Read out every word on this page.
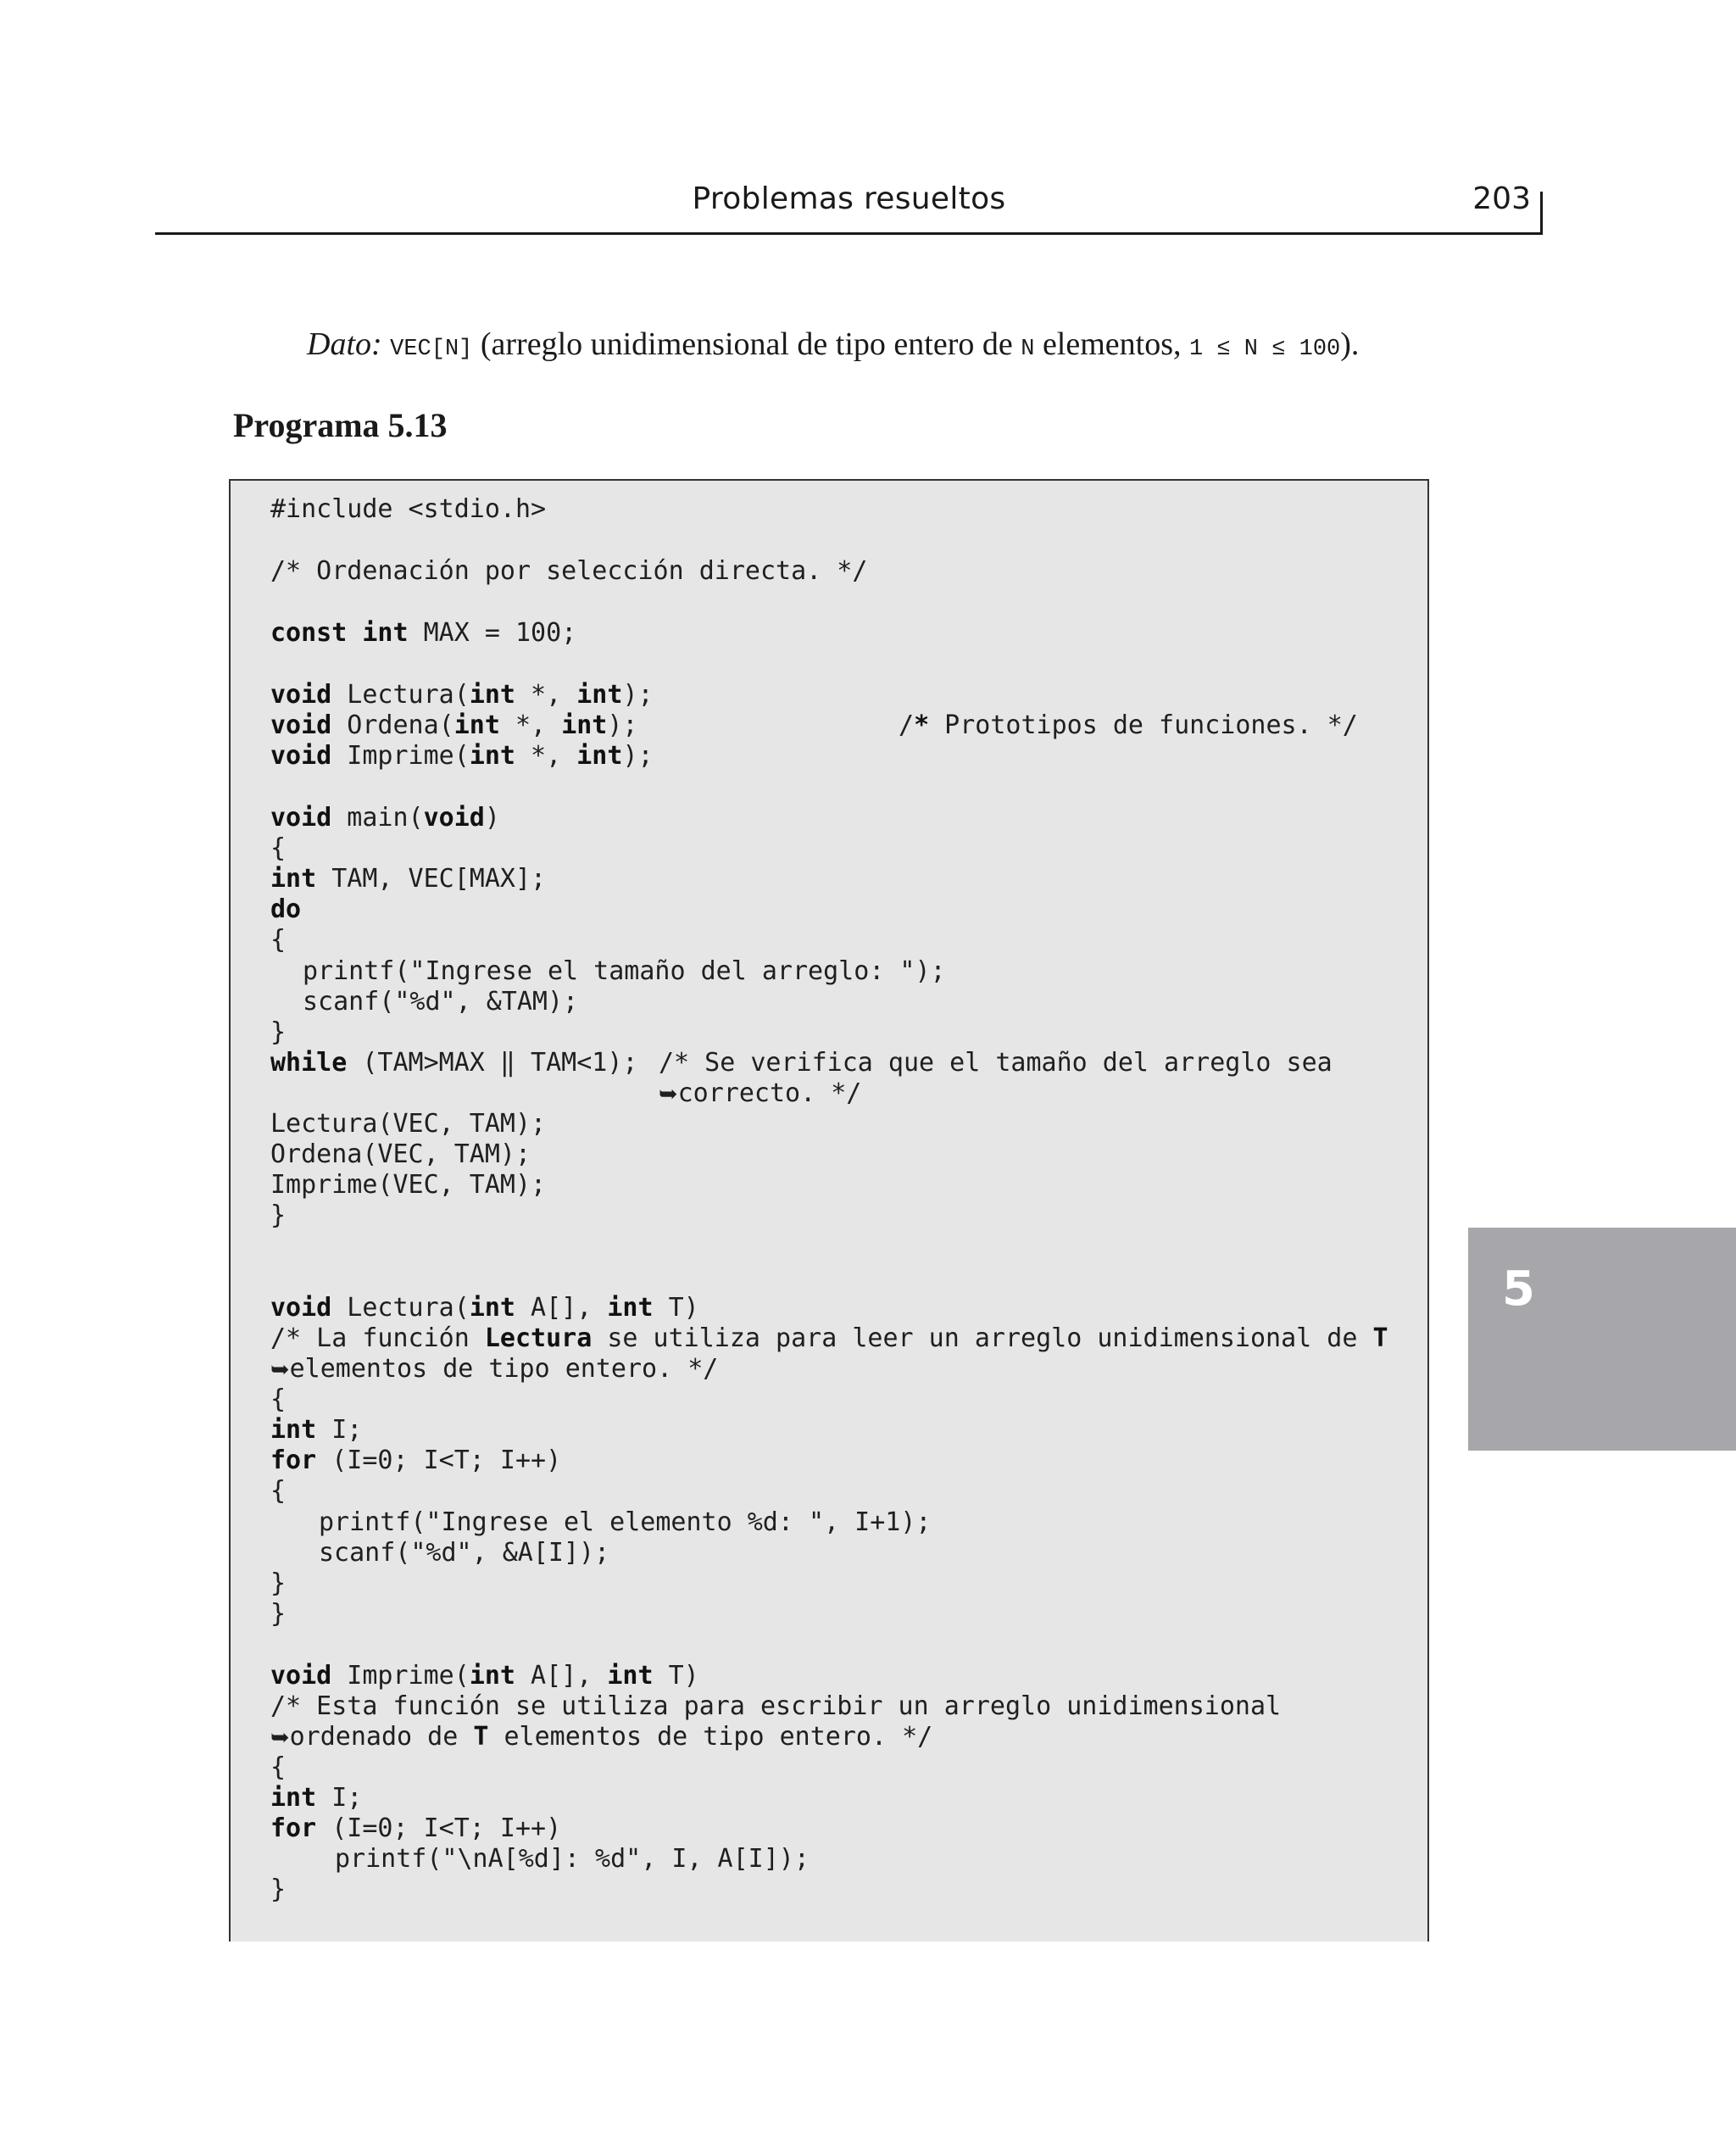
Problemas resueltos	203
Dato: VEC[N] (arreglo unidimensional de tipo entero de N elementos, 1 ≤ N ≤ 100).
Programa 5.13
#include <stdio.h>
/* Ordenación por selección directa. */
const int MAX = 100;
void Lectura(int *, int);
void Ordena(int *, int);	/* Prototipos de funciones. */
void Imprime(int *, int);
void main(void)
{
int TAM, VEC[MAX];
do
{
printf("Ingrese el tamaño del arreglo: ");
scanf("%d", &TAM);
}
while (TAM>MAX ‖ TAM<1); /* Se verifica que el tamaño del arreglo sea
➥correcto. */
Lectura(VEC, TAM);
Ordena(VEC, TAM);
Imprime(VEC, TAM);
}
void Lectura(int A[], int T)
/* La función Lectura se utiliza para leer un arreglo unidimensional de T
➥elementos de tipo entero. */
{
int I;
for (I=0; I<T; I++)
{
printf("Ingrese el elemento %d: ", I+1);
scanf("%d", &A[I]);
}
}
void Imprime(int A[], int T)
/* Esta función se utiliza para escribir un arreglo unidimensional
➥ordenado de T elementos de tipo entero. */
{
int I;
for (I=0; I<T; I++)
printf("\nA[%d]: %d", I, A[I]);
}
5
